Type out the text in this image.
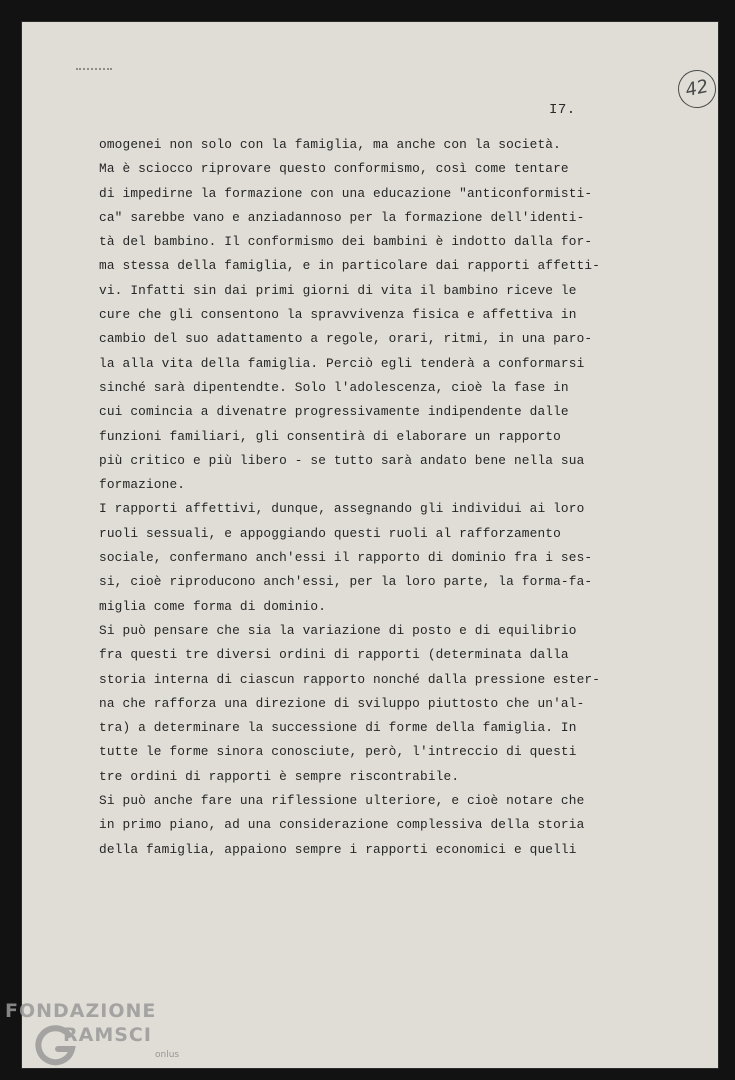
I7.
42
omogenei non solo con la famiglia, ma anche con la società.
Ma è sciocco riprovare questo conformismo, così come tentare
di impedirne la formazione con una educazione "anticonformisti-
ca" sarebbe vano e anziadannoso per la formazione dell'identi-
tà del bambino. Il conformismo dei bambini è indotto dalla for-
ma stessa della famiglia, e in particolare dai rapporti affetti-
vi. Infatti sin dai primi giorni di vita il bambino riceve le
cure che gli consentono la spravvivenza fisica e affettiva in
cambio del suo adattamento a regole, orari, ritmi, in una paro-
la alla vita della famiglia. Perciò egli tenderà a conformarsi
sinché sarà dipentendte. Solo l'adolescenza, cioè la fase in
cui comincia a divenatre progressivamente indipendente dalle
funzioni familiari, gli consentirà di elaborare un rapporto
più critico e più libero - se tutto sarà andato bene nella sua
formazione.
I rapporti affettivi, dunque, assegnando gli individui ai loro
ruoli sessuali, e appoggiando questi ruoli al rafforzamento
sociale, confermano anch'essi il rapporto di dominio fra i ses-
si, cioè riproducono anch'essi, per la loro parte, la forma-fa-
miglia come forma di dominio.
Si può pensare che sia la variazione di posto e di equilibrio
fra questi tre diversi ordini di rapporti (determinata dalla
storia interna di ciascun rapporto nonché dalla pressione ester-
na che rafforza una direzione di sviluppo piuttosto che un'al-
tra) a determinare la successione di forme della famiglia. In
tutte le forme sinora conosciute, però, l'intreccio di questi
tre ordini di rapporti è sempre riscontrabile.
Si può anche fare una riflessione ulteriore, e cioè notare che
in primo piano, ad una considerazione complessiva della storia
della famiglia, appaiono sempre i rapporti economici e quelli
FONDAZIONE
RAMSCI
onlus
